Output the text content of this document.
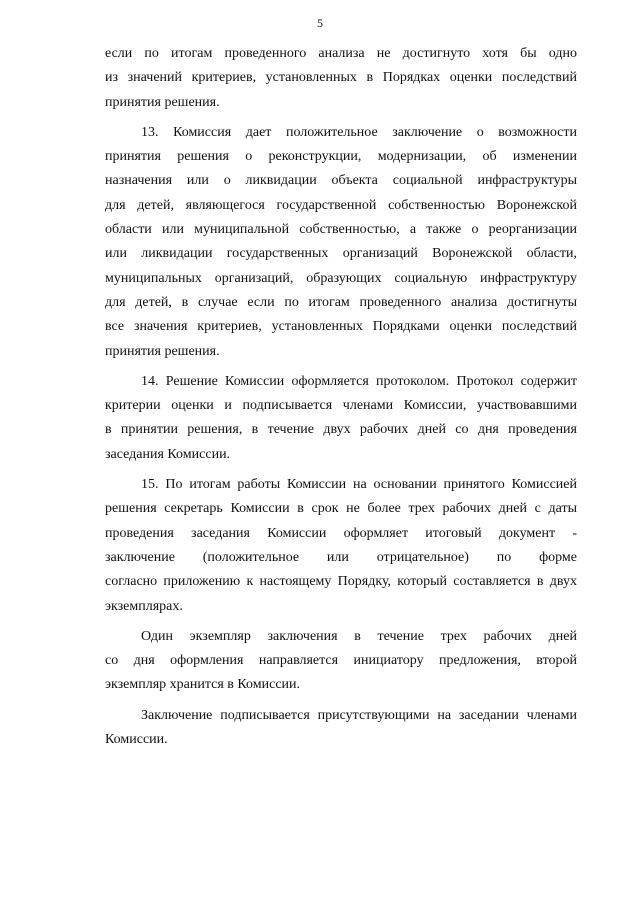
5
если по итогам проведенного анализа не достигнуто хотя бы одно
из значений критериев, установленных в Порядках оценки последствий
принятия решения.
13. Комиссия дает положительное заключение о возможности
принятия решения о реконструкции, модернизации, об изменении
назначения или о ликвидации объекта социальной инфраструктуры
для детей, являющегося государственной собственностью Воронежской
области или муниципальной собственностью, а также о реорганизации
или ликвидации государственных организаций Воронежской области,
муниципальных организаций, образующих социальную инфраструктуру
для детей, в случае если по итогам проведенного анализа достигнуты
все значения критериев, установленных Порядками оценки последствий
принятия решения.
14. Решение Комиссии оформляется протоколом. Протокол содержит
критерии оценки и подписывается членами Комиссии, участвовавшими
в принятии решения, в течение двух рабочих дней со дня проведения
заседания Комиссии.
15. По итогам работы Комиссии на основании принятого Комиссией
решения секретарь Комиссии в срок не более трех рабочих дней с даты
проведения заседания Комиссии оформляет итоговый документ -
заключение (положительное или отрицательное) по форме
согласно приложению к настоящему Порядку, который составляется в двух
экземплярах.
Один экземпляр заключения в течение трех рабочих дней
со дня оформления направляется инициатору предложения, второй
экземпляр хранится в Комиссии.
Заключение подписывается присутствующими на заседании членами
Комиссии.
